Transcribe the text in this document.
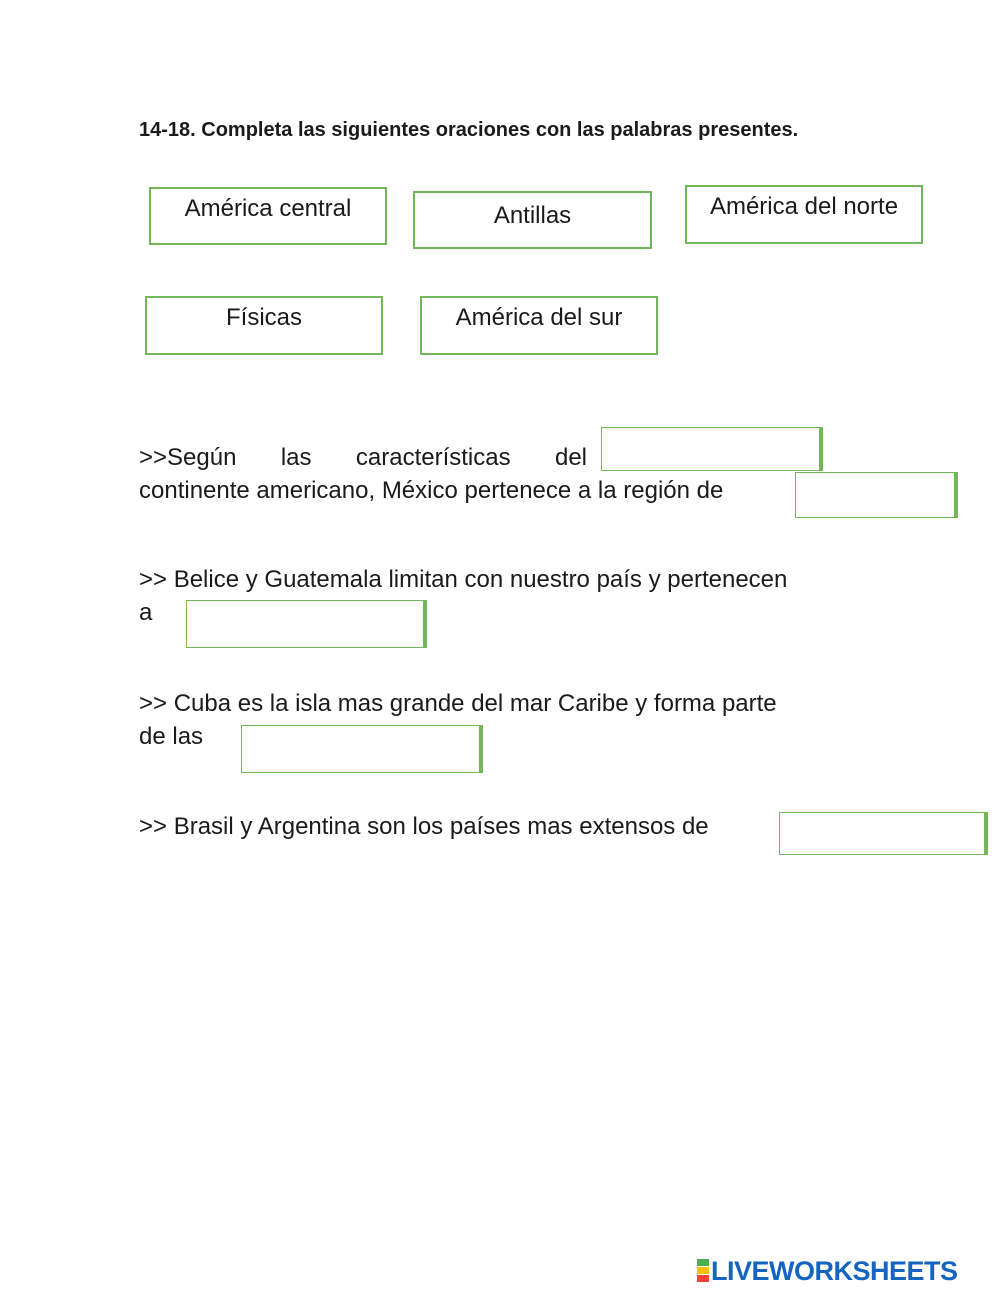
14-18. Completa las siguientes oraciones con las palabras presentes.
América central	Antillas	América del norte
Físicas	América del sur
>>Según las características del
continente americano, México pertenece a la región de
>> Belice y Guatemala limitan con nuestro país y pertenecen
a
>> Cuba es la isla mas grande del mar Caribe y forma parte
de las
>> Brasil y Argentina son los países mas extensos de
LIVEWORKSHEETS
